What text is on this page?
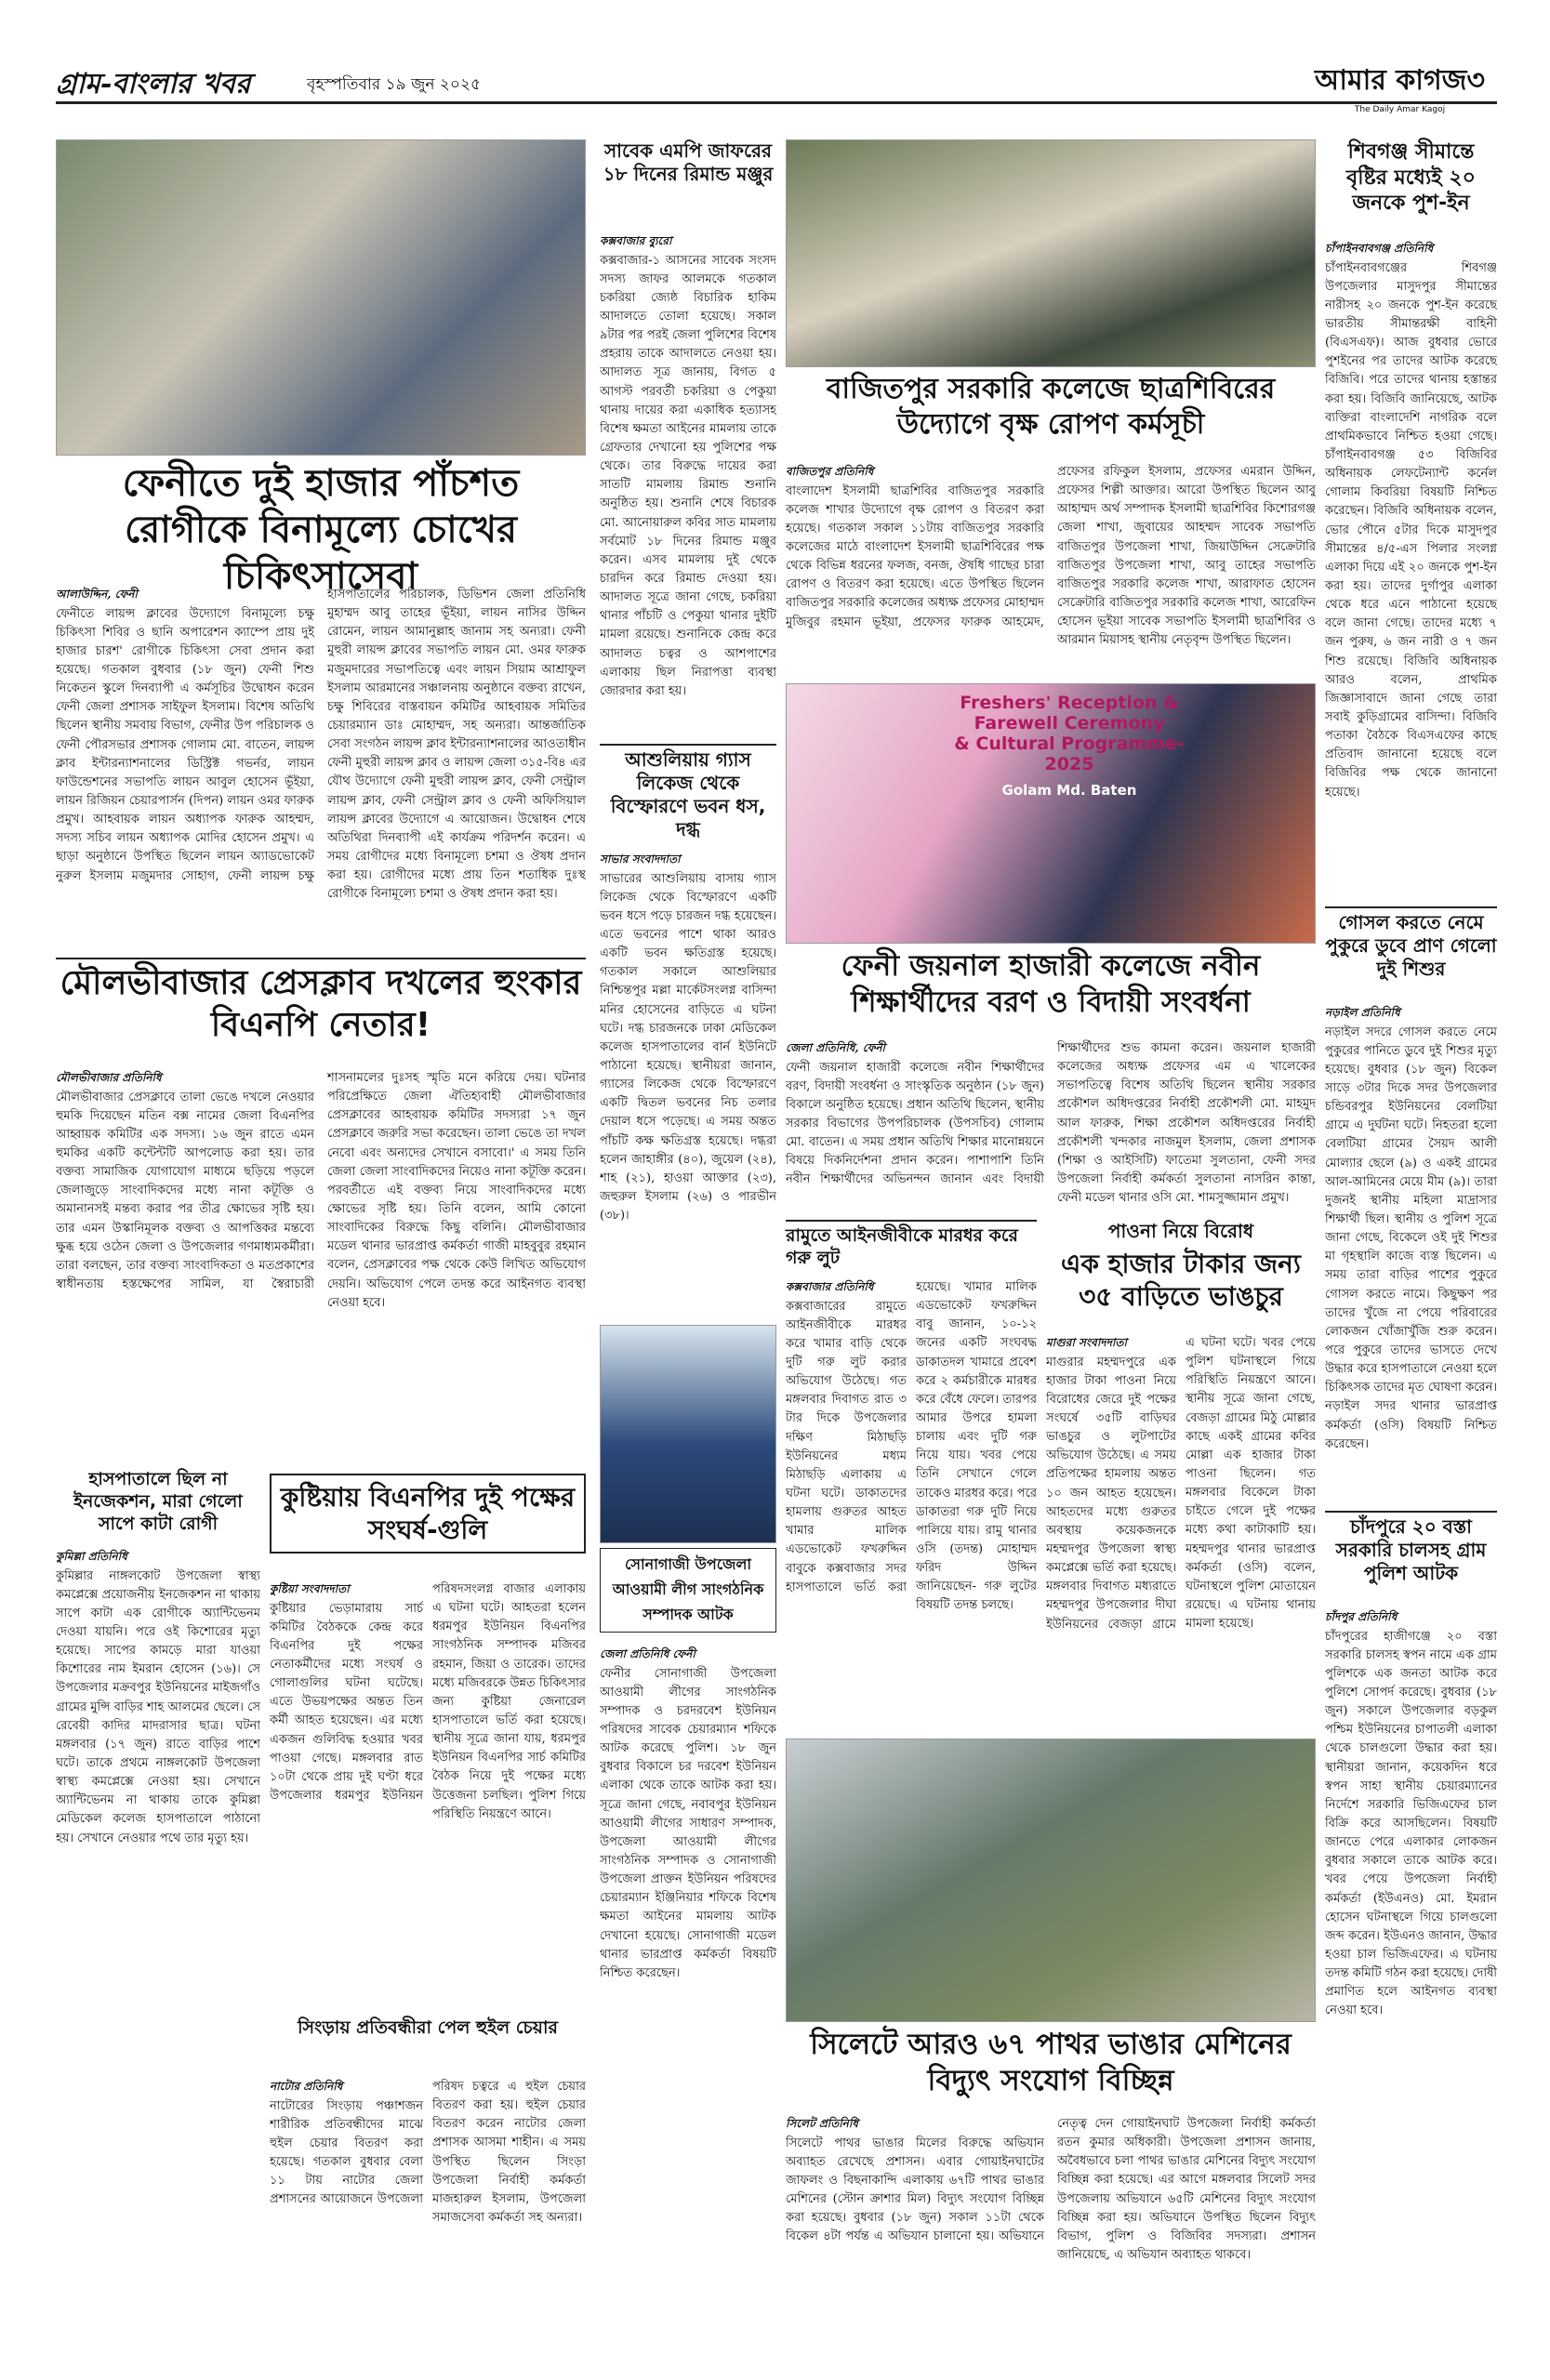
গ্রাম-বাংলার খবর	বৃহস্পতিবার ১৯ জুন ২০২৫	আমার কাগজ৩
The Daily Amar Kagoj
ফেনীতে দুই হাজার পাঁচশত রোগীকে বিনামূল্যে চোখের চিকিৎসাসেবা
আলাউদ্দিন, ফেনী
ফেনীতে লায়ন্স ক্লাবের উদ্যোগে বিনামূল্যে চক্ষু চিকিৎসা শিবির ও ছানি অপারেশন ক্যাম্পে প্রায় দুই হাজার চারশ' রোগীকে চিকিৎসা সেবা প্রদান করা হয়েছে। গতকাল বুধবার (১৮ জুন) ফেনী শিশু নিকেতন স্কুলে দিনব্যাপী এ কর্মসূচির উদ্বোধন করেন ফেনী জেলা প্রশাসক সাইফুল ইসলাম। বিশেষ অতিথি ছিলেন স্থানীয় সমবায় বিভাগ, ফেনীর উপ পরিচালক ও ফেনী পৌরসভার প্রশাসক গোলাম মো. বাতেন, লায়ন্স ক্লাব ইন্টারন্যাশনালের ডিস্ট্রিক্ট গভর্নর, লায়ন ফাউন্ডেশনের সভাপতি লায়ন আবুল হোসেন ভূঁইয়া, লায়ন রিজিয়ন চেয়ারপার্সন (দিপন) লায়ন ওমর ফারুক প্রমুখ। আহবায়ক লায়ন অধ্যাপক ফারুক আহম্মদ, সদস্য সচিব লায়ন অধ্যাপক মোদির হোসেন প্রমুখ। এ ছাড়া অনুষ্ঠানে উপস্থিত ছিলেন লায়ন অ্যাডভোকেট নুরুল ইসলাম মজুমদার সোহাগ, ফেনী লায়ন্স চক্ষু হাসপাতালের পরিচালক, ডিভিশন জেলা প্রতিনিধি মুহাম্মদ আবু তাহের ভূঁইয়া, লায়ন নাসির উদ্দিন রোমেন, লায়ন আমানুল্লাহ জানাম সহ অন্যরা। ফেনী মুহুরী লায়ন্স ক্লাবের সভাপতি লায়ন মো. ওমর ফারুক মজুমদারের সভাপতিত্বে এবং লায়ন সিয়াম আশ্রাফুল ইসলাম আরমানের সঞ্চালনায় অনুষ্ঠানে বক্তব্য রাখেন, চক্ষু শিবিরের বাস্তবায়ন কমিটির আহবায়ক সমিতির চেয়ারম্যান ডাঃ মোহাম্মদ, সহ অন্যরা। আন্তর্জাতিক সেবা সংগঠন লায়ন্স ক্লাব ইন্টারন্যাশনালের আওতাধীন ফেনী মুহুরী লায়ন্স ক্লাব ও লায়ন্স জেলা ৩১৫-বি৪ এর যৌথ উদ্যোগে ফেনী মুহুরী লায়ন্স ক্লাব, ফেনী সেন্ট্রাল লায়ন্স ক্লাব, ফেনী সেন্ট্রাল ক্লাব ও ফেনী অফিসিয়াল লায়ন্স ক্লাবের উদ্যোগে এ আয়োজন। উদ্বোধন শেষে অতিথিরা দিনব্যাপী এই কার্যক্রম পরিদর্শন করেন। এ সময় রোগীদের মধ্যে বিনামূল্যে চশমা ও ঔষধ প্রদান করা হয়। রোগীদের মধ্যে প্রায় তিন শতাধিক দুঃস্থ রোগীকে বিনামূল্যে চশমা ও ঔষধ প্রদান করা হয়।
সাবেক এমপি জাফরের ১৮ দিনের রিমান্ড মঞ্জুর
কক্সবাজার ব্যুরো
কক্সবাজার-১ আসনের সাবেক সংসদ সদস্য জাফর আলমকে গতকাল চকরিয়া জ্যেষ্ঠ বিচারিক হাকিম আদালতে তোলা হয়েছে। সকাল ৯টার পর পরই জেলা পুলিশের বিশেষ প্রহরায় তাকে আদালতে নেওয়া হয়। আদালত সূত্র জানায়, বিগত ৫ আগস্ট পরবর্তী চকরিয়া ও পেকুয়া থানায় দায়ের করা একাধিক হত্যাসহ বিশেষ ক্ষমতা আইনের মামলায় তাকে গ্রেফতার দেখানো হয় পুলিশের পক্ষ থেকে। তার বিরুদ্ধে দায়ের করা সাতটি মামলায় রিমান্ড শুনানি অনুষ্ঠিত হয়। শুনানি শেষে বিচারক মো. আনোয়ারুল কবির সাত মামলায় সর্বমোট ১৮ দিনের রিমান্ড মঞ্জুর করেন। এসব মামলায় দুই থেকে চারদিন করে রিমান্ড দেওয়া হয়। আদালত সূত্রে জানা গেছে, চকরিয়া থানার পাঁচটি ও পেকুয়া থানার দুইটি মামলা রয়েছে। শুনানিকে কেন্দ্র করে আদালত চত্বর ও আশপাশের এলাকায় ছিল নিরাপত্তা ব্যবস্থা জোরদার করা হয়।
বাজিতপুর সরকারি কলেজে ছাত্রশিবিরের উদ্যোগে বৃক্ষ রোপণ কর্মসূচী
বাজিতপুর প্রতিনিধি
বাংলাদেশ ইসলামী ছাত্রশিবির বাজিতপুর সরকারি কলেজ শাখার উদ্যোগে বৃক্ষ রোপণ ও বিতরণ করা হয়েছে। গতকাল সকাল ১১টায় বাজিতপুর সরকারি কলেজের মাঠে বাংলাদেশ ইসলামী ছাত্রশিবিরের পক্ষ থেকে বিভিন্ন ধরনের ফলজ, বনজ, ঔষধি গাছের চারা রোপণ ও বিতরণ করা হয়েছে। এতে উপস্থিত ছিলেন বাজিতপুর সরকারি কলেজের অধ্যক্ষ প্রফেসর মোহাম্মদ মুজিবুর রহমান ভূইয়া, প্রফেসর ফারুক আহমেদ, প্রফেসর রফিকুল ইসলাম, প্রফেসর এমরান উদ্দিন, প্রফেসর শিল্পী আক্তার। আরো উপস্থিত ছিলেন আবু আহাম্মদ অর্থ সম্পাদক ইসলামী ছাত্রশিবির কিশোরগঞ্জ জেলা শাখা, জুবায়ের আহম্মদ সাবেক সভাপতি বাজিতপুর উপজেলা শাখা, জিয়াউদ্দিন সেক্রেটারি বাজিতপুর উপজেলা শাখা, আবু তাহের সভাপতি বাজিতপুর সরকারি কলেজ শাখা, আরাফাত হোসেন সেক্রেটারি বাজিতপুর সরকারি কলেজ শাখা, আরেফিন হোসেন ভূইয়া সাবেক সভাপতি ইসলামী ছাত্রশিবির ও আরমান মিয়াসহ স্থানীয় নেতৃবৃন্দ উপস্থিত ছিলেন।
শিবগঞ্জ সীমান্তে বৃষ্টির মধ্যেই ২০ জনকে পুশ-ইন
চাঁপাইনবাবগঞ্জ প্রতিনিধি
চাঁপাইনবাবগঞ্জের শিবগঞ্জ উপজেলার মাসুদপুর সীমান্তের নারীসহ ২০ জনকে পুশ-ইন করেছে ভারতীয় সীমান্তরক্ষী বাহিনী (বিএসএফ)। আজ বুধবার ভোরে পুশইনের পর তাদের আটক করেছে বিজিবি। পরে তাদের থানায় হস্তান্তর করা হয়। বিজিবি জানিয়েছে, আটক ব্যক্তিরা বাংলাদেশি নাগরিক বলে প্রাথমিকভাবে নিশ্চিত হওয়া গেছে। চাঁপাইনবাবগঞ্জ ৫৩ বিজিবির অধিনায়ক লেফটেন্যান্ট কর্নেল গোলাম কিবরিয়া বিষয়টি নিশ্চিত করেছেন। বিজিবি অধিনায়ক বলেন, ভোর পৌনে ৫টার দিকে মাসুদপুর সীমান্তের ৪/৫-এস পিলার সংলগ্ন এলাকা দিয়ে এই ২০ জনকে পুশ-ইন করা হয়। তাদের দুর্গাপুর এলাকা থেকে ধরে এনে পাঠানো হয়েছে বলে জানা গেছে। তাদের মধ্যে ৭ জন পুরুষ, ৬ জন নারী ও ৭ জন শিশু রয়েছে। বিজিবি অধিনায়ক আরও বলেন, প্রাথমিক জিজ্ঞাসাবাদে জানা গেছে তারা সবাই কুড়িগ্রামের বাসিন্দা। বিজিবি পতাকা বৈঠকে বিএসএফের কাছে প্রতিবাদ জানানো হয়েছে বলে বিজিবির পক্ষ থেকে জানানো হয়েছে।
মৌলভীবাজার প্রেসক্লাব দখলের হুংকার বিএনপি নেতার!
মৌলভীবাজার প্রতিনিধি
মৌলভীবাজার প্রেসক্লাবে তালা ভেঙে দখলে নেওয়ার হুমকি দিয়েছেন মতিন বক্স নামের জেলা বিএনপির আহ্বায়ক কমিটির এক সদস্য। ১৬ জুন রাতে এমন হুমকির একটি কন্টেন্টটি আপলোড করা হয়। তার বক্তব্য সামাজিক যোগাযোগ মাধ্যমে ছড়িয়ে পড়লে জেলাজুড়ে সাংবাদিকদের মধ্যে নানা কটূক্তি ও অমানানসই মন্তব্য করার পর তীব্র ক্ষোভের সৃষ্টি হয়। তার এমন উস্কানিমূলক বক্তব্য ও আপত্তিকর মন্তব্যে ক্ষুব্ধ হয়ে ওঠেন জেলা ও উপজেলার গণমাধ্যমকর্মীরা। তারা বলছেন, তার বক্তব্য সাংবাদিকতা ও মতপ্রকাশের স্বাধীনতায় হস্তক্ষেপের সামিল, যা স্বৈরাচারী শাসনামলের দুঃসহ স্মৃতি মনে করিয়ে দেয়। ঘটনার পরিপ্রেক্ষিতে জেলা ঐতিহ্যবাহী মৌলভীবাজার প্রেসক্লাবের আহবায়ক কমিটির সদস্যরা ১৭ জুন প্রেসক্লাবে জরুরি সভা করেছেন। তালা ভেঙে তা দখল নেবো এবং অন্যদের সেখানে বসাবো।' এ সময় তিনি জেলা জেলা সাংবাদিকদের নিয়েও নানা কটূক্তি করেন। পরবর্তীতে এই বক্তব্য নিয়ে সাংবাদিকদের মধ্যে ক্ষোভের সৃষ্টি হয়। তিনি বলেন, আমি কোনো সাংবাদিকের বিরুদ্ধে কিছু বলিনি। মৌলভীবাজার মডেল থানার ভারপ্রাপ্ত কর্মকর্তা গাজী মাহবুবুর রহমান বলেন, প্রেসক্লাবের পক্ষ থেকে কেউ লিখিত অভিযোগ দেয়নি। অভিযোগ পেলে তদন্ত করে আইনগত ব্যবস্থা নেওয়া হবে।
আশুলিয়ায় গ্যাস লিকেজ থেকে বিস্ফোরণে ভবন ধস, দগ্ধ
সাভার সংবাদদাতা
সাভারের আশুলিয়ায় বাসায় গ্যাস লিকেজ থেকে বিস্ফোরণে একটি ভবন ধসে পড়ে চারজন দগ্ধ হয়েছেন। এতে ভবনের পাশে থাকা আরও একটি ভবন ক্ষতিগ্রস্ত হয়েছে। গতকাল সকালে আশুলিয়ার নিশ্চিন্তপুর মল্লা মার্কেটসংলগ্ন বাসিন্দা মনির হোসেনের বাড়িতে এ ঘটনা ঘটে। দগ্ধ চারজনকে ঢাকা মেডিকেল কলেজ হাসপাতালের বার্ন ইউনিটে পাঠানো হয়েছে। স্থানীয়রা জানান, গ্যাসের লিকেজ থেকে বিস্ফোরণে একটি দ্বিতল ভবনের নিচ তলার দেয়াল ধসে পড়েছে। এ সময় অন্তত পাঁচটি কক্ষ ক্ষতিগ্রস্ত হয়েছে। দগ্ধরা হলেন জাহাঙ্গীর (৪০), জুয়েল (২৪), শাহ (২১), হাওয়া আক্তার (২৩), জহুরুল ইসলাম (২৬) ও পারভীন (৩৮)।
Freshers' Reception & Farewell Ceremony
& Cultural Programme-2025
Golam Md. Baten
ফেনী জয়নাল হাজারী কলেজে নবীন শিক্ষার্থীদের বরণ ও বিদায়ী সংবর্ধনা
জেলা প্রতিনিধি, ফেনী
ফেনী জয়নাল হাজারী কলেজে নবীন শিক্ষার্থীদের বরণ, বিদায়ী সংবর্ধনা ও সাংস্কৃতিক অনুষ্ঠান (১৮ জুন) বিকালে অনুষ্ঠিত হয়েছে। প্রধান অতিথি ছিলেন, স্থানীয় সরকার বিভাগের উপপরিচালক (উপসচিব) গোলাম মো. বাতেন। এ সময় প্রধান অতিথি শিক্ষার মানোন্নয়নে বিষয়ে দিকনির্দেশনা প্রদান করেন। পাশাপাশি তিনি নবীন শিক্ষার্থীদের অভিনন্দন জানান এবং বিদায়ী শিক্ষার্থীদের শুভ কামনা করেন। জয়নাল হাজারী কলেজের অধ্যক্ষ প্রফেসর এম এ খালেকের সভাপতিত্বে বিশেষ অতিথি ছিলেন স্থানীয় সরকার প্রকৌশল অধিদপ্তরের নির্বাহী প্রকৌশলী মো. মাহমুদ আল ফারুক, শিক্ষা প্রকৌশল অধিদপ্তরের নির্বাহী প্রকৌশলী খন্দকার নাজমুল ইসলাম, জেলা প্রশাসক (শিক্ষা ও আইসিটি) ফাতেমা সুলতানা, ফেনী সদর উপজেলা নির্বাহী কর্মকর্তা সুলতানা নাসরিন কান্তা, ফেনী মডেল থানার ওসি মো. শামসুজ্জামান প্রমুখ।
গোসল করতে নেমে পুকুরে ডুবে প্রাণ গেলো দুই শিশুর
নড়াইল প্রতিনিধি
নড়াইল সদরে গোসল করতে নেমে পুকুরের পানিতে ডুবে দুই শিশুর মৃত্যু হয়েছে। বুধবার (১৮ জুন) বিকেল সাড়ে ৩টার দিকে সদর উপজেলার চন্ডিবরপুর ইউনিয়নের বেলটিয়া গ্রামে এ দুর্ঘটনা ঘটে। নিহতরা হলো বেলটিয়া গ্রামের সৈয়দ আলী মোল্যার ছেলে (৯) ও একই গ্রামের আল-আমিনের মেয়ে মীম (৯)। তারা দুজনই স্থানীয় মহিলা মাদ্রাসার শিক্ষার্থী ছিল। স্থানীয় ও পুলিশ সূত্রে জানা গেছে, বিকেলে ওই দুই শিশুর মা গৃহস্থালি কাজে ব্যস্ত ছিলেন। এ সময় তারা বাড়ির পাশের পুকুরে গোসল করতে নামে। কিছুক্ষণ পর তাদের খুঁজে না পেয়ে পরিবারের লোকজন খোঁজাখুঁজি শুরু করেন। পরে পুকুরে তাদের ভাসতে দেখে উদ্ধার করে হাসপাতালে নেওয়া হলে চিকিৎসক তাদের মৃত ঘোষণা করেন। নড়াইল সদর থানার ভারপ্রাপ্ত কর্মকর্তা (ওসি) বিষয়টি নিশ্চিত করেছেন।
রামুতে আইনজীবীকে মারধর করে গরু লুট
কক্সবাজার প্রতিনিধি
কক্সবাজারের রামুতে আইনজীবীকে মারধর করে খামার বাড়ি থেকে দুটি গরু লুট করার অভিযোগ উঠেছে। গত মঙ্গলবার দিবাগত রাত ৩ টার দিকে উপজেলার দক্ষিণ মিঠাছড়ি ইউনিয়নের মধ্যম মিঠাছড়ি এলাকায় এ ঘটনা ঘটে। ডাকাতদের হামলায় গুরুতর আহত খামার মালিক এডভোকেট ফখরুদ্দিন বাবুকে কক্সবাজার সদর হাসপাতালে ভর্তি করা হয়েছে। খামার মালিক এডভোকেট ফখরুদ্দিন বাবু জানান, ১০-১২ জনের একটি সংঘবদ্ধ ডাকাতদল খামারে প্রবেশ করে ২ কর্মচারীকে মারধর করে বেঁধে ফেলে। তারপর আমার উপরে হামলা চালায় এবং দুটি গরু নিয়ে যায়। খবর পেয়ে তিনি সেখানে গেলে তাকেও মারধর করে। পরে ডাকাতরা গরু দুটি নিয়ে পালিয়ে যায়। রামু থানার ওসি (তদন্ত) মোহাম্মদ ফরিদ উদ্দিন জানিয়েছেন- গরু লুটের বিষয়টি তদন্ত চলছে।
পাওনা নিয়ে বিরোধ
এক হাজার টাকার জন্য ৩৫ বাড়িতে ভাঙচুর
মাগুরা সংবাদদাতা
মাগুরার মহম্মদপুরে এক হাজার টাকা পাওনা নিয়ে বিরোধের জেরে দুই পক্ষের সংঘর্ষে ৩৫টি বাড়িঘর ভাঙচুর ও লুটপাটের অভিযোগ উঠেছে। এ সময় প্রতিপক্ষের হামলায় অন্তত ১০ জন আহত হয়েছেন। আহতদের মধ্যে গুরুতর অবস্থায় কয়েকজনকে মহম্মদপুর উপজেলা স্বাস্থ্য কমপ্লেক্সে ভর্তি করা হয়েছে। মঙ্গলবার দিবাগত মধ্যরাতে মহম্মদপুর উপজেলার দীঘা ইউনিয়নের বেজড়া গ্রামে এ ঘটনা ঘটে। খবর পেয়ে পুলিশ ঘটনাস্থলে গিয়ে পরিস্থিতি নিয়ন্ত্রণে আনে। স্থানীয় সূত্রে জানা গেছে, বেজড়া গ্রামের মিঠু মোল্লার কাছে একই গ্রামের কবির মোল্লা এক হাজার টাকা পাওনা ছিলেন। গত মঙ্গলবার বিকেলে টাকা চাইতে গেলে দুই পক্ষের মধ্যে কথা কাটাকাটি হয়। মহম্মদপুর থানার ভারপ্রাপ্ত কর্মকর্তা (ওসি) বলেন, ঘটনাস্থলে পুলিশ মোতায়েন রয়েছে। এ ঘটনায় থানায় মামলা হয়েছে।
হাসপাতালে ছিল না ইনজেকশন, মারা গেলো সাপে কাটা রোগী
কুমিল্লা প্রতিনিধি
কুমিল্লার নাঙ্গলকোট উপজেলা স্বাস্থ্য কমপ্লেক্সে প্রয়োজনীয় ইনজেকশন না থাকায় সাপে কাটা এক রোগীকে অ্যান্টিভেনম দেওয়া যায়নি। পরে ওই কিশোরের মৃত্যু হয়েছে। সাপের কামড়ে মারা যাওয়া কিশোরের নাম ইমরান হোসেন (১৬)। সে উপজেলার মক্রবপুর ইউনিয়নের মাইজগাঁও গ্রামের মুন্সি বাড়ির শাহ আলমের ছেলে। সে রেবেয়ী কাদির মাদরাসার ছাত্র। ঘটনা মঙ্গলবার (১৭ জুন) রাতে বাড়ির পাশে ঘটে। তাকে প্রথমে নাঙ্গলকোট উপজেলা স্বাস্থ্য কমপ্লেক্সে নেওয়া হয়। সেখানে অ্যান্টিভেনম না থাকায় তাকে কুমিল্লা মেডিকেল কলেজ হাসপাতালে পাঠানো হয়। সেখানে নেওয়ার পথে তার মৃত্যু হয়।
কুষ্টিয়ায় বিএনপির দুই পক্ষের সংঘর্ষ-গুলি
কুষ্টিয়া সংবাদদাতা
কুষ্টিয়ার ভেড়ামারায় সার্চ কমিটির বৈঠককে কেন্দ্র করে বিএনপির দুই পক্ষের নেতাকর্মীদের মধ্যে সংঘর্ষ ও গোলাগুলির ঘটনা ঘটেছে। এতে উভয়পক্ষের অন্তত তিন কর্মী আহত হয়েছেন। এর মধ্যে একজন গুলিবিদ্ধ হওয়ার খবর পাওয়া গেছে। মঙ্গলবার রাত ১০টা থেকে প্রায় দুই ঘণ্টা ধরে উপজেলার ধরমপুর ইউনিয়ন পরিষদসংলগ্ন বাজার এলাকায় এ ঘটনা ঘটে। আহতরা হলেন ধরমপুর ইউনিয়ন বিএনপির সাংগঠনিক সম্পাদক মজিবর রহমান, জিয়া ও তারেক। তাদের মধ্যে মজিবরকে উন্নত চিকিৎসার জন্য কুষ্টিয়া জেনারেল হাসপাতালে ভর্তি করা হয়েছে। স্থানীয় সূত্রে জানা যায়, ধরমপুর ইউনিয়ন বিএনপির সার্চ কমিটির বৈঠক নিয়ে দুই পক্ষের মধ্যে উত্তেজনা চলছিল। পুলিশ গিয়ে পরিস্থিতি নিয়ন্ত্রণে আনে।
সোনাগাজী উপজেলা আওয়ামী লীগ সাংগঠনিক সম্পাদক আটক
জেলা প্রতিনিধি ফেনী
ফেনীর সোনাগাজী উপজেলা আওয়ামী লীগের সাংগঠনিক সম্পাদক ও চরদরবেশ ইউনিয়ন পরিষদের সাবেক চেয়ারম্যান শফিকে আটক করেছে পুলিশ। ১৮ জুন বুধবার বিকালে চর দরবেশ ইউনিয়ন এলাকা থেকে তাকে আটক করা হয়। সূত্রে জানা গেছে, নবাবপুর ইউনিয়ন আওয়ামী লীগের সাধারণ সম্পাদক, উপজেলা আওয়ামী লীগের সাংগঠনিক সম্পাদক ও সোনাগাজী উপজেলা প্রাক্তন ইউনিয়ন পরিষদের চেয়ারম্যান ইঞ্জিনিয়ার শফিকে বিশেষ ক্ষমতা আইনের মামলায় আটক দেখানো হয়েছে। সোনাগাজী মডেল থানার ভারপ্রাপ্ত কর্মকর্তা বিষয়টি নিশ্চিত করেছেন।
সিংড়ায় প্রতিবন্ধীরা পেল হুইল চেয়ার
নাটোর প্রতিনিধি
নাটোরের সিংড়ায় পঞ্চাশজন শারীরিক প্রতিবন্ধীদের মাঝে হুইল চেয়ার বিতরণ করা হয়েছে। গতকাল বুধবার বেলা ১১ টায় নাটোর জেলা প্রশাসনের আয়োজনে উপজেলা পরিষদ চত্বরে এ হুইল চেয়ার বিতরণ করা হয়। হুইল চেয়ার বিতরণ করেন নাটোর জেলা প্রশাসক আসমা শাহীন। এ সময় উপস্থিত ছিলেন সিংড়া উপজেলা নির্বাহী কর্মকর্তা মাজহারুল ইসলাম, উপজেলা সমাজসেবা কর্মকর্তা সহ অন্যরা।
সিলেটে আরও ৬৭ পাথর ভাঙার মেশিনের বিদ্যুৎ সংযোগ বিচ্ছিন্ন
সিলেট প্রতিনিধি
সিলেটে পাথর ভাঙার মিলের বিরুদ্ধে অভিযান অব্যাহত রেখেছে প্রশাসন। এবার গোয়াইনঘাটের জাফলং ও বিছনাকান্দি এলাকায় ৬৭টি পাথর ভাঙার মেশিনের (স্টোন ক্রাশার মিল) বিদ্যুৎ সংযোগ বিচ্ছিন্ন করা হয়েছে। বুধবার (১৮ জুন) সকাল ১১টা থেকে বিকেল ৪টা পর্যন্ত এ অভিযান চালানো হয়। অভিযানে নেতৃত্ব দেন গোয়াইনঘাট উপজেলা নির্বাহী কর্মকর্তা রতন কুমার অধিকারী। উপজেলা প্রশাসন জানায়, অবৈধভাবে চলা পাথর ভাঙার মেশিনের বিদ্যুৎ সংযোগ বিচ্ছিন্ন করা হয়েছে। এর আগে মঙ্গলবার সিলেট সদর উপজেলায় অভিযানে ৬৫টি মেশিনের বিদ্যুৎ সংযোগ বিচ্ছিন্ন করা হয়। অভিযানে উপস্থিত ছিলেন বিদ্যুৎ বিভাগ, পুলিশ ও বিজিবির সদস্যরা। প্রশাসন জানিয়েছে, এ অভিযান অব্যাহত থাকবে।
চাঁদপুরে ২০ বস্তা সরকারি চালসহ গ্রাম পুলিশ আটক
চাঁদপুর প্রতিনিধি
চাঁদপুরের হাজীগঞ্জে ২০ বস্তা সরকারি চালসহ স্বপন নামে এক গ্রাম পুলিশকে এক জনতা আটক করে পুলিশে সোপর্দ করেছে। বুধবার (১৮ জুন) সকালে উপজেলার বড়কুল পশ্চিম ইউনিয়নের চাপাতলী এলাকা থেকে চালগুলো উদ্ধার করা হয়। স্থানীয়রা জানান, কয়েকদিন ধরে স্বপন সাহা স্থানীয় চেয়ারম্যানের নির্দেশে সরকারি ভিজিএফের চাল বিক্রি করে আসছিলেন। বিষয়টি জানতে পেরে এলাকার লোকজন বুধবার সকালে তাকে আটক করে। খবর পেয়ে উপজেলা নির্বাহী কর্মকর্তা (ইউএনও) মো. ইমরান হোসেন ঘটনাস্থলে গিয়ে চালগুলো জব্দ করেন। ইউএনও জানান, উদ্ধার হওয়া চাল ভিজিএফের। এ ঘটনায় তদন্ত কমিটি গঠন করা হয়েছে। দোষী প্রমাণিত হলে আইনগত ব্যবস্থা নেওয়া হবে।
